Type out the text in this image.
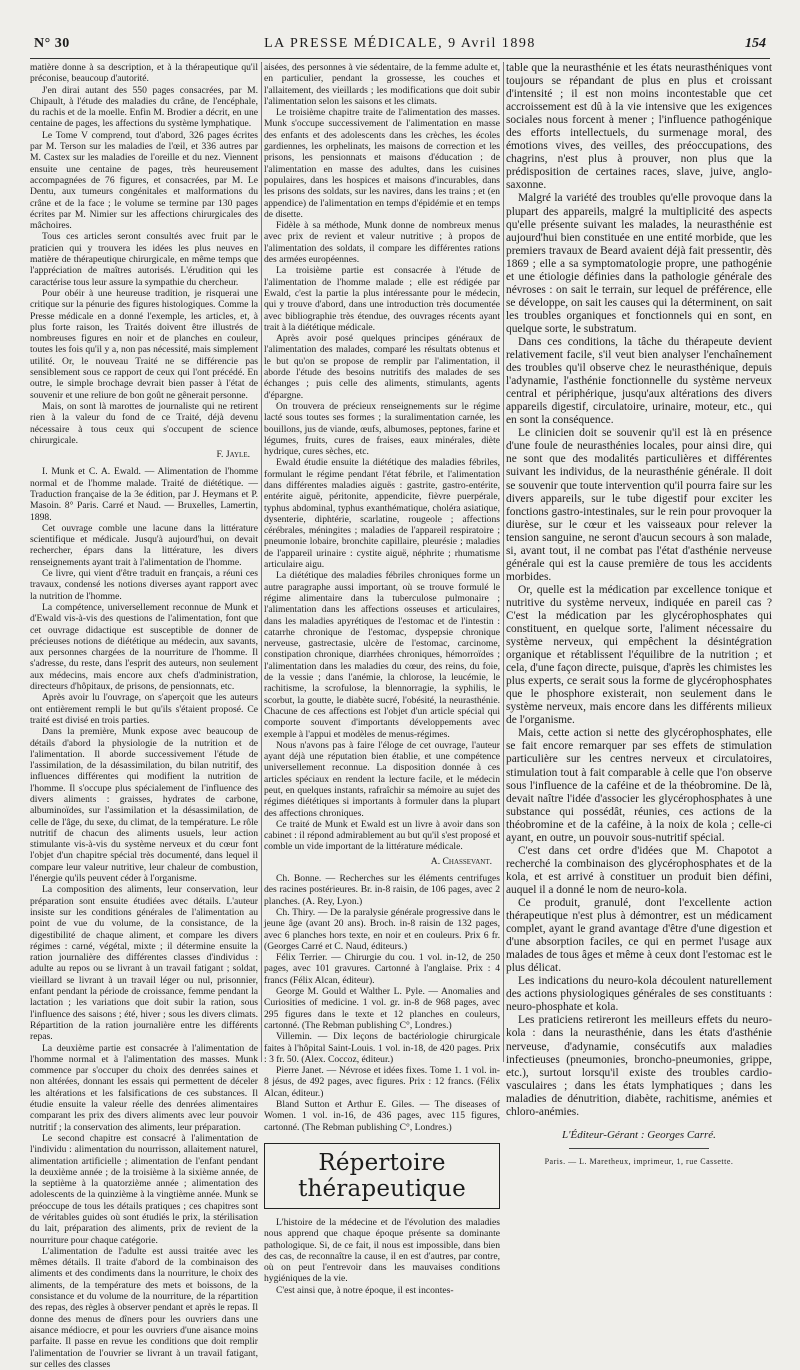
N° 30	LA PRESSE MÉDICALE, 9 Avril 1898	154

matière donne à sa description, et à la thérapeutique qu'il préconise, beaucoup d'autorité.

J'en dirai autant des 550 pages consacrées, par M. Chipault, à l'étude des maladies du crâne, de l'encéphale, du rachis et de la moelle. Enfin M. Brodier a décrit, en une centaine de pages, les affections du système lymphatique.

Le Tome V comprend, tout d'abord, 326 pages écrites par M. Terson sur les maladies de l'œil, et 336 autres par M. Castex sur les maladies de l'oreille et du nez. Viennent ensuite une centaine de pages, très heureusement accompagnées de 76 figures, et consacrées, par M. Le Dentu, aux tumeurs congénitales et malformations du crâne et de la face ; le volume se termine par 130 pages écrites par M. Nimier sur les affections chirurgicales des mâchoires.

Tous ces articles seront consultés avec fruit par le praticien qui y trouvera les idées les plus neuves en matière de thérapeutique chirurgicale, en même temps que l'appréciation de maîtres autorisés. L'érudition qui les caractérise tous leur assure la sympathie du chercheur.

Pour obéir à une heureuse tradition, je risquerai une critique sur la pénurie des figures histologiques. Comme la Presse médicale en a donné l'exemple, les articles, et, à plus forte raison, les Traités doivent être illustrés de nombreuses figures en noir et de planches en couleur, toutes les fois qu'il y a, non pas nécessité, mais simplement utilité. Or, le nouveau Traité ne se différencie pas sensiblement sous ce rapport de ceux qui l'ont précédé. En outre, le simple brochage devrait bien passer à l'état de souvenir et une reliure de bon goût ne gênerait personne.

Mais, on sont là marottes de journaliste qui ne retirent rien à la valeur du fond de ce Traité, déjà devenu nécessaire à tous ceux qui s'occupent de science chirurgicale.

F. Jayle.

I. Munk et C. A. Ewald. — Alimentation de l'homme normal et de l'homme malade. Traité de diététique. — Traduction française de la 3e édition, par J. Heymans et P. Masoin. 8° Paris. Carré et Naud. — Bruxelles, Lamertin, 1898.

Cet ouvrage comble une lacune dans la littérature scientifique et médicale. Jusqu'à aujourd'hui, on devait rechercher, épars dans la littérature, les divers renseignements ayant trait à l'alimentation de l'homme.

Ce livre, qui vient d'être traduit en français, a réuni ces travaux, condensé les notions diverses ayant rapport avec la nutrition de l'homme.

La compétence, universellement reconnue de Munk et d'Ewald vis-à-vis des questions de l'alimentation, font que cet ouvrage didactique est susceptible de donner de précieuses notions de diététique au médecin, aux savants, aux personnes chargées de la nourriture de l'homme. Il s'adresse, du reste, dans l'esprit des auteurs, non seulement aux médecins, mais encore aux chefs d'administration, directeurs d'hôpitaux, de prisons, de pensionnats, etc.

Après avoir lu l'ouvrage, on s'aperçoit que les auteurs ont entièrement rempli le but qu'ils s'étaient proposé. Ce traité est divisé en trois parties.

Dans la première, Munk expose avec beaucoup de détails d'abord la physiologie de la nutrition et de l'alimentation. Il aborde successivement l'étude de l'assimilation, de la désassimilation, du bilan nutritif, des influences différentes qui modifient la nutrition de l'homme. Il s'occupe plus spécialement de l'influence des divers aliments : graisses, hydrates de carbone, albuminoïdes, sur l'assimilation et la désassimilation, de celle de l'âge, du sexe, du climat, de la température. Le rôle nutritif de chacun des aliments usuels, leur action stimulante vis-à-vis du système nerveux et du cœur font l'objet d'un chapitre spécial très documenté, dans lequel il compare leur valeur nutritive, leur chaleur de combustion, l'énergie qu'ils peuvent céder à l'organisme.

La composition des aliments, leur conservation, leur préparation sont ensuite étudiées avec détails. L'auteur insiste sur les conditions générales de l'alimentation au point de vue du volume, de la consistance, de la digestibilité de chaque aliment, et compare les divers régimes : carné, végétal, mixte ; il détermine ensuite la ration journalière des différentes classes d'individus : adulte au repos ou se livrant à un travail fatigant ; soldat, vieillard se livrant à un travail léger ou nul, prisonnier, enfant pendant la période de croissance, femme pendant la lactation ; les variations que doit subir la ration, sous l'influence des saisons ; été, hiver ; sous les divers climats. Répartition de la ration journalière entre les différents repas.

La deuxième partie est consacrée à l'alimentation de l'homme normal et à l'alimentation des masses. Munk commence par s'occuper du choix des denrées saines et non altérées, donnant les essais qui permettent de déceler les altérations et les falsifications de ces substances. Il étudie ensuite la valeur réelle des denrées alimentaires comparant les prix des divers aliments avec leur pouvoir nutritif ; la conservation des aliments, leur préparation.

Le second chapitre est consacré à l'alimentation de l'individu : alimentation du nourrisson, allaitement naturel, alimentation artificielle ; alimentation de l'enfant pendant la deuxième année ; de la troisième à la sixième année, de la septième à la quatorzième année ; alimentation des adolescents de la quinzième à la vingtième année. Munk se préoccupe de tous les détails pratiques ; ces chapitres sont de véritables guides où sont étudiés le prix, la stérilisation du lait, préparation des aliments, prix de revient de la nourriture pour chaque catégorie.

L'alimentation de l'adulte est aussi traitée avec les mêmes détails. Il traite d'abord de la combinaison des aliments et des condiments dans la nourriture, le choix des aliments, de la température des mets et boissons, de la consistance et du volume de la nourriture, de la répartition des repas, des règles à observer pendant et après le repas. Il donne des menus de dîners pour les ouvriers dans une aisance médiocre, et pour les ouvriers d'une aisance moins parfaite. Il passe en revue les conditions que doit remplir l'alimentation de l'ouvrier se livrant à un travail fatigant, sur celles des classes

aisées, des personnes à vie sédentaire, de la femme adulte et, en particulier, pendant la grossesse, les couches et l'allaitement, des vieillards ; les modifications que doit subir l'alimentation selon les saisons et les climats.

Le troisième chapitre traite de l'alimentation des masses. Munk s'occupe successivement de l'alimentation en masse des enfants et des adolescents dans les crèches, les écoles gardiennes, les orphelinats, les maisons de correction et les prisons, les pensionnats et maisons d'éducation ; de l'alimentation en masse des adultes, dans les cuisines populaires, dans les hospices et maisons d'incurables, dans les prisons des soldats, sur les navires, dans les trains ; et (en appendice) de l'alimentation en temps d'épidémie et en temps de disette.

Fidèle à sa méthode, Munk donne de nombreux menus avec prix de revient et valeur nutritive ; à propos de l'alimentation des soldats, il compare les différentes rations des armées européennes.

La troisième partie est consacrée à l'étude de l'alimentation de l'homme malade ; elle est rédigée par Ewald, c'est la partie la plus intéressante pour le médecin, qui y trouve d'abord, dans une introduction très documentée avec bibliographie très étendue, des ouvrages récents ayant trait à la diététique médicale.

Après avoir posé quelques principes généraux de l'alimentation des malades, comparé les résultats obtenus et le but qu'on se propose de remplir par l'alimentation, il aborde l'étude des besoins nutritifs des malades de ses échanges ; puis celle des aliments, stimulants, agents d'épargne.

On trouvera de précieux renseignements sur le régime lacté sous toutes ses formes ; la suralimentation carnée, les bouillons, jus de viande, œufs, albumoses, peptones, farine et légumes, fruits, cures de fraises, eaux minérales, diète hydrique, cures sèches, etc.

Ewald étudie ensuite la diététique des maladies fébriles, formulant le régime pendant l'état fébrile, et l'alimentation dans différentes maladies aiguës : gastrite, gastro-entérite, entérite aiguë, péritonite, appendicite, fièvre puerpérale, typhus abdominal, typhus exanthématique, choléra asiatique, dysenterie, diphtérie, scarlatine, rougeole ; affections cérébrales, méningites ; maladies de l'appareil respiratoire ; pneumonie lobaire, bronchite capillaire, pleurésie ; maladies de l'appareil urinaire : cystite aiguë, néphrite ; rhumatisme articulaire aigu.

La diététique des maladies fébriles chroniques forme un autre paragraphe aussi important, où se trouve formulé le régime alimentaire dans la tuberculose pulmonaire ; l'alimentation dans les affections osseuses et articulaires, dans les maladies apyrétiques de l'estomac et de l'intestin : catarrhe chronique de l'estomac, dyspepsie chronique nerveuse, gastrectasie, ulcère de l'estomac, carcinome, constipation chronique, diarrhées chroniques, hémorroïdes ; l'alimentation dans les maladies du cœur, des reins, du foie, de la vessie ; dans l'anémie, la chlorose, la leucémie, le rachitisme, la scrofulose, la blennorragie, la syphilis, le scorbut, la goutte, le diabète sucré, l'obésité, la neurasthénie. Chacune de ces affections est l'objet d'un article spécial qui comporte souvent d'importants développements avec exemple à l'appui et modèles de menus-régimes.

Nous n'avons pas à faire l'éloge de cet ouvrage, l'auteur ayant déjà une réputation bien établie, et une compétence universellement reconnue. La disposition donnée à ces articles spéciaux en rendent la lecture facile, et le médecin peut, en quelques instants, rafraîchir sa mémoire au sujet des régimes diététiques si importants à formuler dans la plupart des affections chroniques.

Ce traité de Munk et Ewald est un livre à avoir dans son cabinet : il répond admirablement au but qu'il s'est proposé et comble un vide important de la littérature médicale.

A. Chassevant.

Ch. Bonne. — Recherches sur les éléments centrifuges des racines postérieures. Br. in-8 raisin, de 106 pages, avec 2 planches. (A. Rey, Lyon.)

Ch. Thiry. — De la paralysie générale progressive dans le jeune âge (avant 20 ans). Broch. in-8 raisin de 132 pages, avec 6 planches hors texte, en noir et en couleurs. Prix 6 fr. (Georges Carré et C. Naud, éditeurs.)

Félix Terrier. — Chirurgie du cou. 1 vol. in-12, de 250 pages, avec 101 gravures. Cartonné à l'anglaise. Prix : 4 francs (Félix Alcan, éditeur).

George M. Gould et Walther L. Pyle. — Anomalies and Curiosities of medicine. 1 vol. gr. in-8 de 968 pages, avec 295 figures dans le texte et 12 planches en couleurs, cartonné. (The Rebman publishing C°, Londres.)

Villemin. — Dix leçons de bactériologie chirurgicale faites à l'hôpital Saint-Louis. 1 vol. in-18, de 420 pages. Prix : 3 fr. 50. (Alex. Coccoz, éditeur.)

Pierre Janet. — Névrose et idées fixes. Tome 1. 1 vol. in-8 jésus, de 492 pages, avec figures. Prix : 12 francs. (Félix Alcan, éditeur.)

Bland Sutton et Arthur E. Giles. — The diseases of Women. 1 vol. in-16, de 436 pages, avec 115 figures, cartonné. (The Rebman publishing C°, Londres.)

Répertoire thérapeutique

L'histoire de la médecine et de l'évolution des maladies nous apprend que chaque époque présente sa dominante pathologique. Si, de ce fait, il nous est impossible, dans bien des cas, de reconnaître la cause, il en est d'autres, par contre, où on peut l'entrevoir dans les mauvaises conditions hygiéniques de la vie.

C'est ainsi que, à notre époque, il est incontes-

table que la neurasthénie et les états neurasthéniques vont toujours se répandant de plus en plus et croissant d'intensité ; il est non moins incontestable que cet accroissement est dû à la vie intensive que les exigences sociales nous forcent à mener ; l'influence pathogénique des efforts intellectuels, du surmenage moral, des émotions vives, des veilles, des préoccupations, des chagrins, n'est plus à prouver, non plus que la prédisposition de certaines races, slave, juive, anglo-saxonne.

Malgré la variété des troubles qu'elle provoque dans la plupart des appareils, malgré la multiplicité des aspects qu'elle présente suivant les malades, la neurasthénie est aujourd'hui bien constituée en une entité morbide, que les premiers travaux de Beard avaient déjà fait pressentir, dès 1869 ; elle a sa symptomatologie propre, une pathogénie et une étiologie définies dans la pathologie générale des névroses : on sait le terrain, sur lequel de préférence, elle se développe, on sait les causes qui la déterminent, on sait les troubles organiques et fonctionnels qui en sont, en quelque sorte, le substratum.

Dans ces conditions, la tâche du thérapeute devient relativement facile, s'il veut bien analyser l'enchaînement des troubles qu'il observe chez le neurasthénique, depuis l'adynamie, l'asthénie fonctionnelle du système nerveux central et périphérique, jusqu'aux altérations des divers appareils digestif, circulatoire, urinaire, moteur, etc., qui en sont la conséquence.

Le clinicien doit se souvenir qu'il est là en présence d'une foule de neurasthénies locales, pour ainsi dire, qui ne sont que des modalités particulières et différentes suivant les individus, de la neurasthénie générale. Il doit se souvenir que toute intervention qu'il pourra faire sur les divers appareils, sur le tube digestif pour exciter les fonctions gastro-intestinales, sur le rein pour provoquer la diurèse, sur le cœur et les vaisseaux pour relever la tension sanguine, ne seront d'aucun secours à son malade, si, avant tout, il ne combat pas l'état d'asthénie nerveuse générale qui est la cause première de tous les accidents morbides.

Or, quelle est la médication par excellence tonique et nutritive du système nerveux, indiquée en pareil cas ? C'est la médication par les glycérophosphates qui constituent, en quelque sorte, l'aliment nécessaire du système nerveux, qui empêchent la désintégration organique et rétablissent l'équilibre de la nutrition ; et cela, d'une façon directe, puisque, d'après les chimistes les plus experts, ce serait sous la forme de glycérophosphates que le phosphore existerait, non seulement dans le système nerveux, mais encore dans les différents milieux de l'organisme.

Mais, cette action si nette des glycérophosphates, elle se fait encore remarquer par ses effets de stimulation particulière sur les centres nerveux et circulatoires, stimulation tout à fait comparable à celle que l'on observe sous l'influence de la caféine et de la théobromine. De là, devait naître l'idée d'associer les glycérophosphates à une substance qui possédât, réunies, ces actions de la théobromine et de la caféine, à la noix de kola ; celle-ci ayant, en outre, un pouvoir sous-nutritif spécial.

C'est dans cet ordre d'idées que M. Chapotot a recherché la combinaison des glycérophosphates et de la kola, et est arrivé à constituer un produit bien défini, auquel il a donné le nom de neuro-kola.

Ce produit, granulé, dont l'excellente action thérapeutique n'est plus à démontrer, est un médicament complet, ayant le grand avantage d'être d'une digestion et d'une absorption faciles, ce qui en permet l'usage aux malades de tous âges et même à ceux dont l'estomac est le plus délicat.

Les indications du neuro-kola découlent naturellement des actions physiologiques générales de ses constituants : neuro-phosphate et kola.

Les praticiens retireront les meilleurs effets du neuro-kola : dans la neurasthénie, dans les états d'asthénie nerveuse, d'adynamie, consécutifs aux maladies infectieuses (pneumonies, broncho-pneumonies, grippe, etc.), surtout lorsqu'il existe des troubles cardio-vasculaires ; dans les états lymphatiques ; dans les maladies de dénutrition, diabète, rachitisme, anémies et chloro-anémies.

L'Éditeur-Gérant : Georges Carré.
Paris. — L. Maretheux, imprimeur, 1, rue Cassette.
